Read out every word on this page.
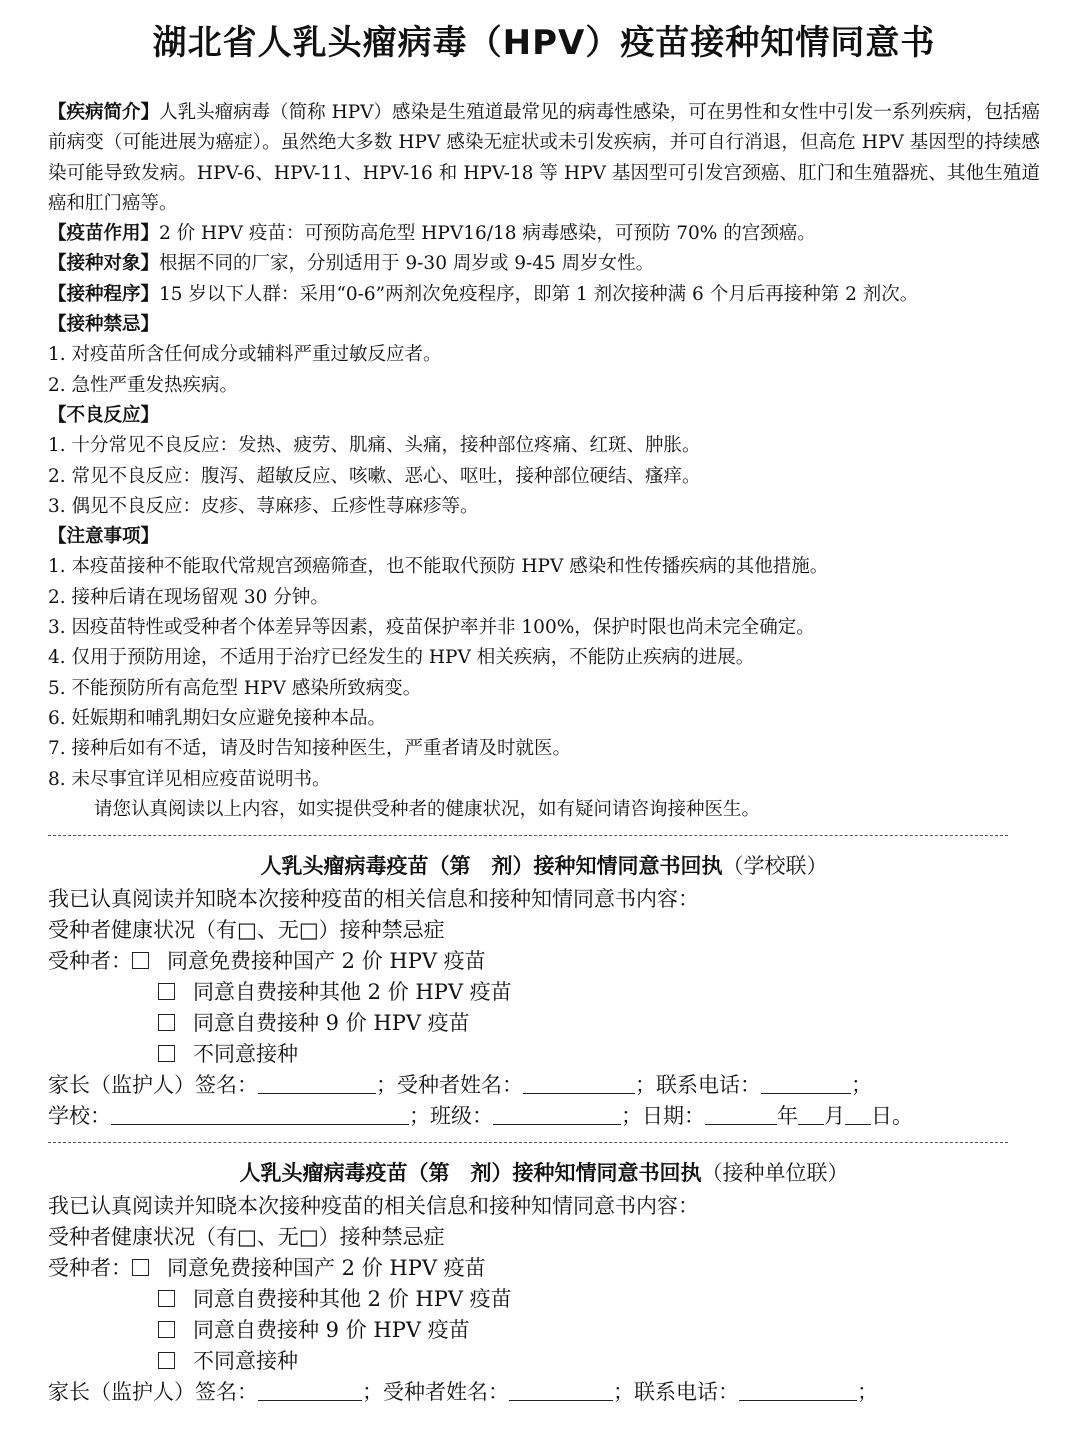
湖北省人乳头瘤病毒（HPV）疫苗接种知情同意书

【疾病简介】人乳头瘤病毒（简称 HPV）感染是生殖道最常见的病毒性感染，可在男性和女性中引发一系列疾病，包括癌前病变（可能进展为癌症）。虽然绝大多数 HPV 感染无症状或未引发疾病，并可自行消退，但高危 HPV 基因型的持续感染可能导致发病。HPV-6、HPV-11、HPV-16 和 HPV-18 等 HPV 基因型可引发宫颈癌、肛门和生殖器疣、其他生殖道癌和肛门癌等。

【疫苗作用】2 价 HPV 疫苗：可预防高危型 HPV16/18 病毒感染，可预防 70% 的宫颈癌。

【接种对象】根据不同的厂家，分别适用于 9-30 周岁或 9-45 周岁女性。

【接种程序】15 岁以下人群：采用“0-6”两剂次免疫程序，即第 1 剂次接种满 6 个月后再接种第 2 剂次。

【接种禁忌】

1. 对疫苗所含任何成分或辅料严重过敏反应者。

2. 急性严重发热疾病。

【不良反应】

1. 十分常见不良反应：发热、疲劳、肌痛、头痛，接种部位疼痛、红斑、肿胀。

2. 常见不良反应：腹泻、超敏反应、咳嗽、恶心、呕吐，接种部位硬结、瘙痒。

3. 偶见不良反应：皮疹、荨麻疹、丘疹性荨麻疹等。

【注意事项】

1. 本疫苗接种不能取代常规宫颈癌筛查，也不能取代预防 HPV 感染和性传播疾病的其他措施。

2. 接种后请在现场留观 30 分钟。

3. 因疫苗特性或受种者个体差异等因素，疫苗保护率并非 100%，保护时限也尚未完全确定。

4. 仅用于预防用途，不适用于治疗已经发生的 HPV 相关疾病，不能防止疾病的进展。

5. 不能预防所有高危型 HPV 感染所致病变。

6. 妊娠期和哺乳期妇女应避免接种本品。

7. 接种后如有不适，请及时告知接种医生，严重者请及时就医。

8. 未尽事宜详见相应疫苗说明书。

请您认真阅读以上内容，如实提供受种者的健康状况，如有疑问请咨询接种医生。

人乳头瘤病毒疫苗（第　剂）接种知情同意书回执（学校联）

我已认真阅读并知晓本次接种疫苗的相关信息和接种知情同意书内容：

受种者健康状况（有□、无□）接种禁忌症

受种者： 同意免费接种国产 2 价 HPV 疫苗

同意自费接种其他 2 价 HPV 疫苗

同意自费接种 9 价 HPV 疫苗

不同意接种

家长（监护人）签名：	；受种者姓名：	；联系电话：	；

学校：	；班级：	；日期：	年 月 日。

人乳头瘤病毒疫苗（第　剂）接种知情同意书回执（接种单位联）

我已认真阅读并知晓本次接种疫苗的相关信息和接种知情同意书内容：

受种者健康状况（有□、无□）接种禁忌症

受种者： 同意免费接种国产 2 价 HPV 疫苗

同意自费接种其他 2 价 HPV 疫苗

同意自费接种 9 价 HPV 疫苗

不同意接种

家长（监护人）签名：	；受种者姓名：	；联系电话：	；
